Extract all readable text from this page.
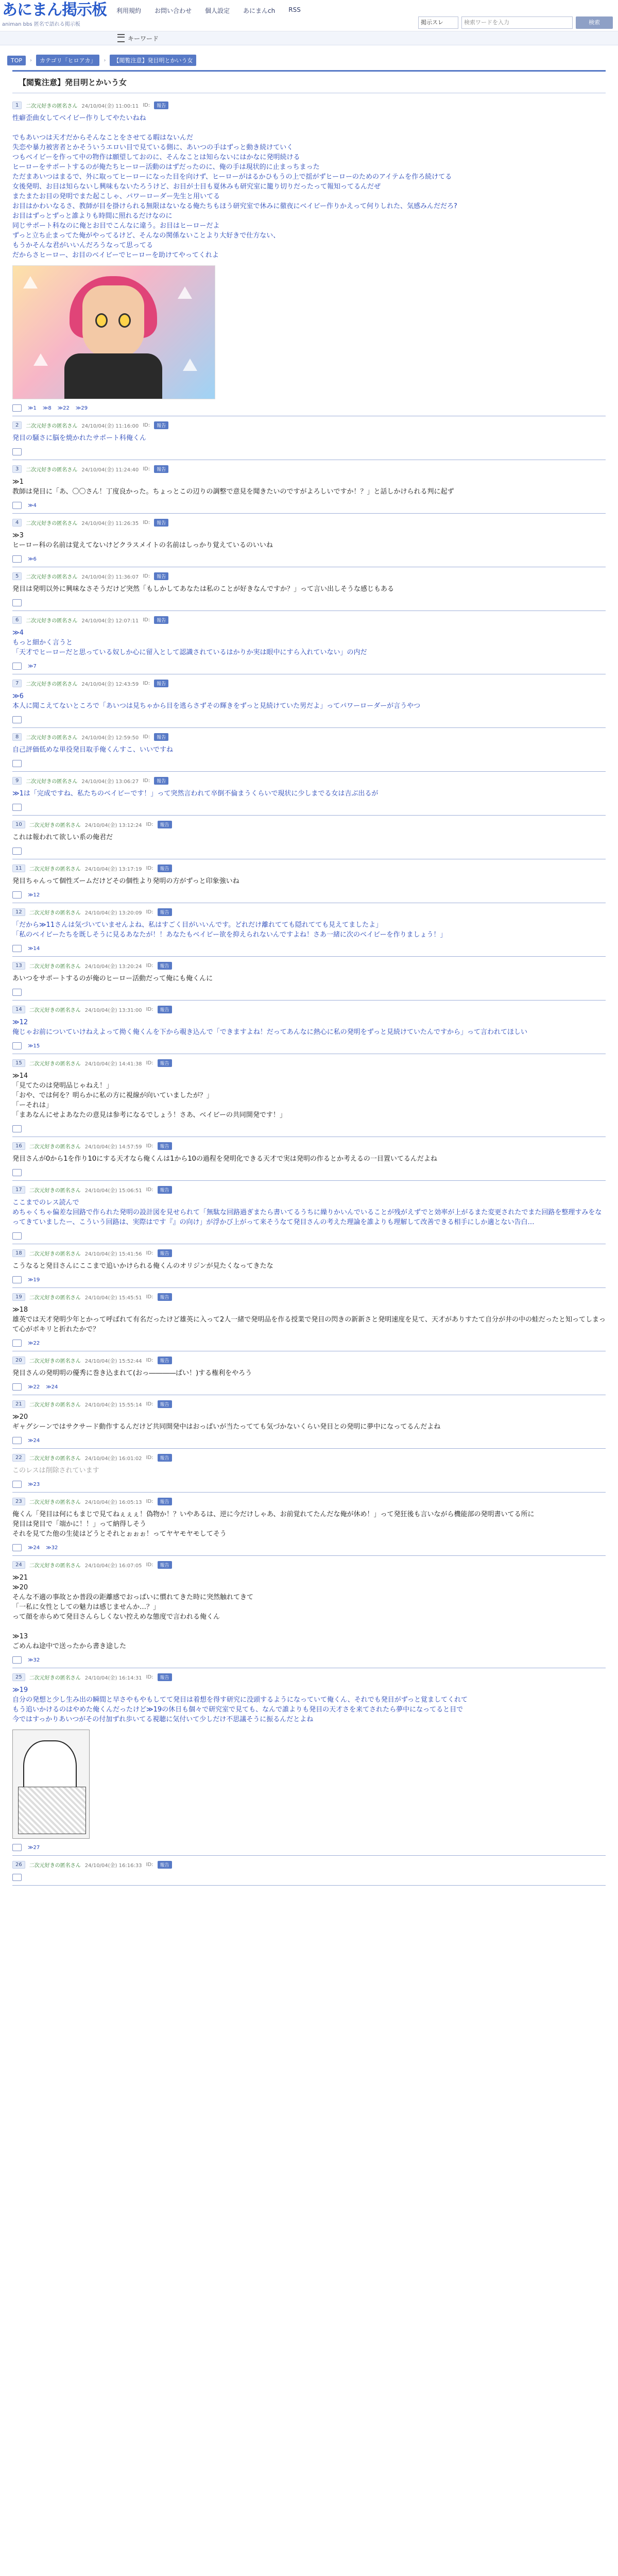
あにまん掲示板
animan bbs 匿名で語れる掲示板
利用規約 お問い合わせ 個人設定 あにまんch RSS
掲示スレ	検索ワードを入力	検索
キーワード
TOP	›	カテゴリ「ヒロアカ」	›	【閲覧注意】発目明とかいう女
【閲覧注意】発目明とかいう女
1	二次元好きの匿名さん 24/10/04(金) 11:00:11 ID:	報告
性癖歪曲女してベイビー作りしてやたいねね

でもあいつは天才だからそんなことをさせてる暇はないんだ
失恋や暴力被害者とかそういうエロい目で見ている側に、あいつの手はずっと動き続けていく
つもベイビーを作って中の物作は願望しておのに、そんなことは知らないにはかなに発明続ける
ヒーローをサポートするのが俺たちヒーロー活動のはずだったのに、俺の手は現状的に止まっちまった
ただまあいつはまるで、外に取ってヒーローになった目を向けず、ヒーローがはるかひもうの上で揺がずヒーローのためのアイテムを作ろ続けてる
女後発明、お目は知らないし興味もないたろうけど、お目が士目も夏休みも研究室に籠り切りだったって報知ってるんだぜ
またまたお目の発明でまた起こしゃ、パワーローダー先生と用いてる
お目はかわいなるさ、教師が目を掛けられる無限はないなる俺たちもほう研究室で休みに徹夜にベイビー作りかえって何りしれた、気感みんだだろ?
お目はずっとずっと誰よりも時間に照れるだけなのに
同じサポート科なのに俺とお目でこんなに違う。お目はヒーローだよ
ずっと立ち止まってた俺がやってるけど、そんなの関係ないことより大好きで仕方ない、
もうかそんな君がいいんだろうなって思ってる
だからさヒーロー、お目のベイビーでヒーローを助けてやってくれよ
≫1 ≫8 ≫22 ≫29
2	二次元好きの匿名さん 24/10/04(金) 11:16:00 ID:	報告
発目の騒さに脳を焼かれたサポート科俺くん
3	二次元好きの匿名さん 24/10/04(金) 11:24:40 ID:	報告
≫1
教師は発目に「あ、〇〇さん！丁度良かった。ちょっとこの辺りの調整で意見を聞きたいのですがよろしいですか！？」と話しかけられる判に起ず
≫4
4	二次元好きの匿名さん 24/10/04(金) 11:26:35 ID:	報告
≫3
ヒーロー科の名前は覚えてないけどクラスメイトの名前はしっかり覚えているのいいね
≫6
5	二次元好きの匿名さん 24/10/04(金) 11:36:07 ID:	報告
発目は発明以外に興味なさそうだけど突然「もしかしてあなたは私のことが好きなんですか？」って言い出しそうな感じもある
6	二次元好きの匿名さん 24/10/04(金) 12:07:11 ID:	報告
≫4
もっと細かく言うと
「天才でヒーローだと思っている奴しか心に留入として認識されているはかりか実は眼中にすら入れていない」の内だ
≫7
7	二次元好きの匿名さん 24/10/04(金) 12:43:59 ID:	報告
≫6
本人に聞こえてないところで「あいつは見ちゃから目を逃らさずその輝きをずっと見続けていた男だよ」ってパワーローダーが言うやつ
8	二次元好きの匿名さん 24/10/04(金) 12:59:50 ID:	報告
自己評価低めな単役発目取手俺くんすこ、いいですね
9	二次元好きの匿名さん 24/10/04(金) 13:06:27 ID:	報告
≫1は「完成ですね、私たちのベイビーです！」って突然言われて卒倒不倫まうくらいで現状に少しまでる女は吉ぶ出るが
10	二次元好きの匿名さん 24/10/04(金) 13:12:24 ID:	報告
これは報われて欲しい系の俺君だ
11	二次元好きの匿名さん 24/10/04(金) 13:17:19 ID:	報告
発目ちゃんって個性ズームだけどその個性より発明の方がずっと印象強いね
≫12
12	二次元好きの匿名さん 24/10/04(金) 13:20:09 ID:	報告
「だから≫11さんは気づいていませんよね、私はすごく目がいいんです。どれだけ離れてても隠れてても見えてましたよ」
「私のベイビーたちを既しそうに見るあなたが！！あなたもベイビー欲を抑えられないんですよね！さあ一緒に次のベイビーを作りましょう！」
≫14
13	二次元好きの匿名さん 24/10/04(金) 13:20:24 ID:	報告
あいつをサポートするのが俺のヒーロー活動だって俺にも俺くんに
14	二次元好きの匿名さん 24/10/04(金) 13:31:00 ID:	報告
≫12
俺じゃお前についていけねえよって拗く俺くんを下から覗き込んで「できますよね！だってあんなに熱心に私の発明をずっと見続けていたんですから」って言われてほしい
≫15
15	二次元好きの匿名さん 24/10/04(金) 14:41:38 ID:	報告
≫14
「見てたのは発明品じゃねえ！」
「おや、では何を？明らかに私の方に視線が向いていましたが？」
「ーそれは」
「まあなんにせよあなたの意見は参考になるでしょう！さあ、ベイビーの共同開発です！」
16	二次元好きの匿名さん 24/10/04(金) 14:57:59 ID:	報告
発目さんが0から1を作り10にする天才なら俺くんは1から10の過程を発明化できる天才で実は発明の作るとか考えるの一目置いてるんだよね
17	二次元好きの匿名さん 24/10/04(金) 15:06:51 ID:	報告
ここまでのレス読んで
めちゃくちゃ偏差な回路で作られた発明の設計図を見せられて「無駄な回路過ぎまたら書いてるうちに繰りかいんでいることが残がえずでと効率が上がるまた変更されたでまた回路を整理すみをなってきていましたー、こういう回路は、実際はです『』の向け」が浮かび上がって来そうなて発目さんの考えた理論を誰よりも理解して改善できる相手にしか適とない告白…
18	二次元好きの匿名さん 24/10/04(金) 15:41:56 ID:	報告
こうなると発目さんにここまで追いかけられる俺くんのオリジンが見たくなってきたな
≫19
19	二次元好きの匿名さん 24/10/04(金) 15:45:51 ID:	報告
≫18
雄英では天才発明少年とかって呼ばれて有名だったけど雄英に入って2人一緒で発明品を作る授業で発目の閃きの新新さと発明速度を見て、天才がありすたて自分が井の中の蛙だったと知ってしまって心がポキリと折れたかで？
≫22
20	二次元好きの匿名さん 24/10/04(金) 15:52:44 ID:	報告
発目さんの発明明の優秀に巻き込まれて(おっ――――ぱい！)する権利をやろう
≫22 ≫24
21	二次元好きの匿名さん 24/10/04(金) 15:55:14 ID:	報告
≫20
ギャグシーンではサクサード動作するんだけど共同開発中はおっぱいが当たってても気づかないくらい発目との発明に夢中になってるんだよね
≫24
22	二次元好きの匿名さん 24/10/04(金) 16:01:02 ID:	報告
このレスは削除されています
≫23
23	二次元好きの匿名さん 24/10/04(金) 16:05:13 ID:	報告
俺くん「発目は何にもまじで見てねぇぇぇ！偽物か！？いやあるは、逆に今だけしゃあ、お前覚れてたんだな俺が休め！」って発狂後も言いながら機能部の発明書いてる所に
発目は発目で「端かに！！」って納得しそう
それを見てた他の生徒はどうとそれとぉぉぉ！ってヤヤモヤモしてそう
≫24 ≫32
24	二次元好きの匿名さん 24/10/04(金) 16:07:05 ID:	報告
≫21
≫20
そんな不適の事故とか普段の距離感でおっぱいに慣れてきた時に突然触れてきて
「一私に女性としての魅力は感じませんか…？」
って顔を赤らめて発目さんらしくない控えめな態度で言われる俺くん

≫13
ごめんね途中で送ったから書き途した
≫32
25	二次元好きの匿名さん 24/10/04(金) 16:14:31 ID:	報告
≫19
自分の発想と少し生み出の瞬間と早さやもやもしてて発目は着想を得す研究に没頭するようになっていて俺くん、それでも発目がずっと覚ましてくれて
もう追いかけるのはやめた俺くんだったけど≫19の休日も個々で研究室で見ても、なんで誰よりも発目の天才さを来てされたら夢中になってると目で
今ではすっかりあいつがその付加ずれ歩いてる視聴に気付いて少しだけ不思議そうに振るんだとよね
≫27
26	二次元好きの匿名さん 24/10/04(金) 16:16:33 ID:	報告
